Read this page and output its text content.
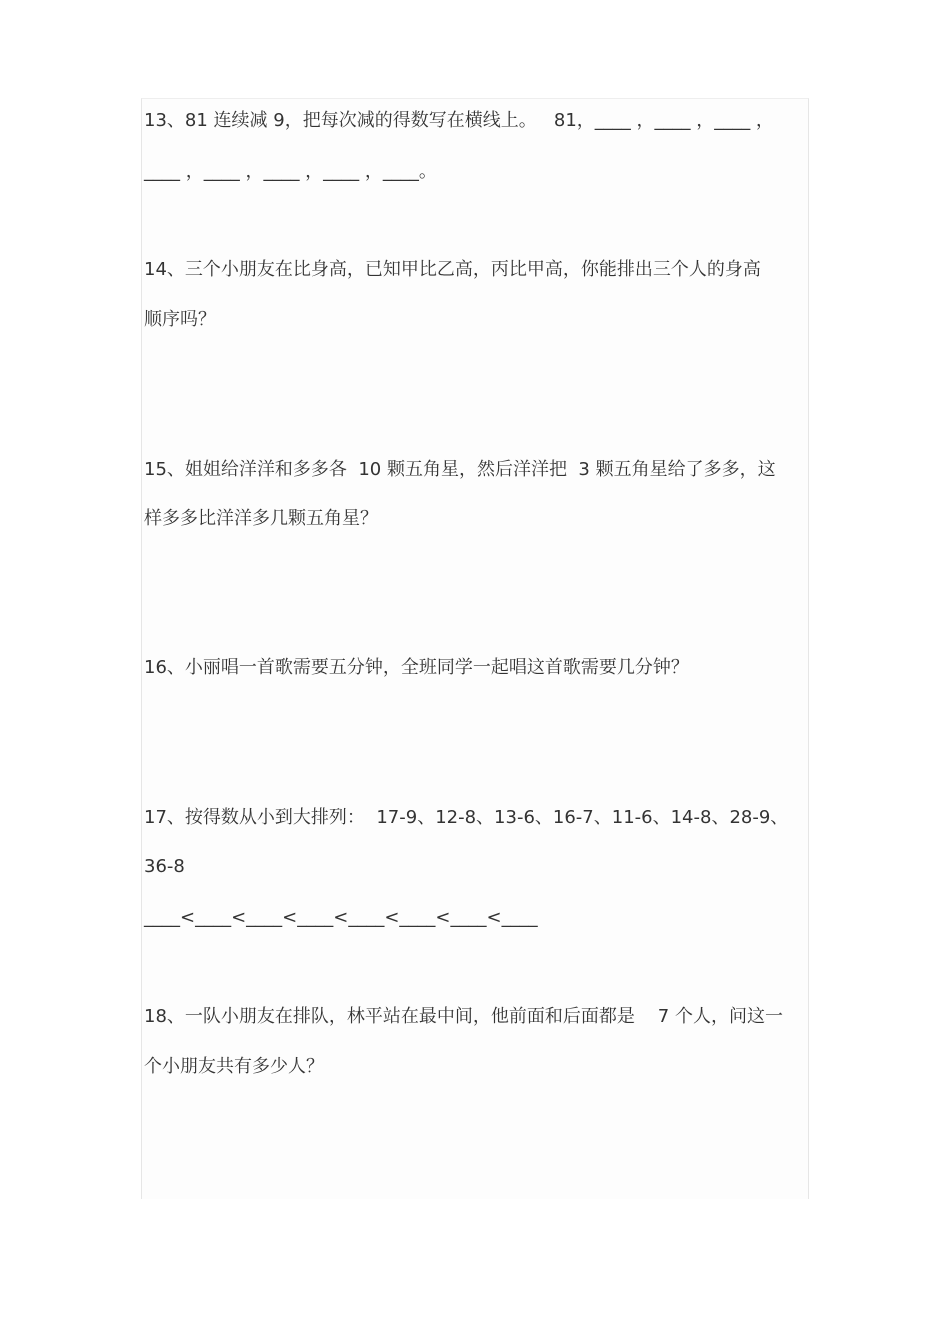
13、81 连续减 9，把每次减的得数写在横线上。   81，____ ，____ ，____ ，
____ ，____ ，____ ，____ ，____。
14、三个小朋友在比身高，已知甲比乙高，丙比甲高，你能排出三个人的身高
顺序吗？
15、姐姐给洋洋和多多各  10 颗五角星，然后洋洋把  3 颗五角星给了多多，这
样多多比洋洋多几颗五角星？
16、小丽唱一首歌需要五分钟，全班同学一起唱这首歌需要几分钟？
17、按得数从小到大排列：  17-9、12-8、13-6、16-7、11-6、14-8、28-9、
36-8
____<____<____<____<____<____<____<____
18、一队小朋友在排队，林平站在最中间，他前面和后面都是    7 个人，问这一
个小朋友共有多少人？
